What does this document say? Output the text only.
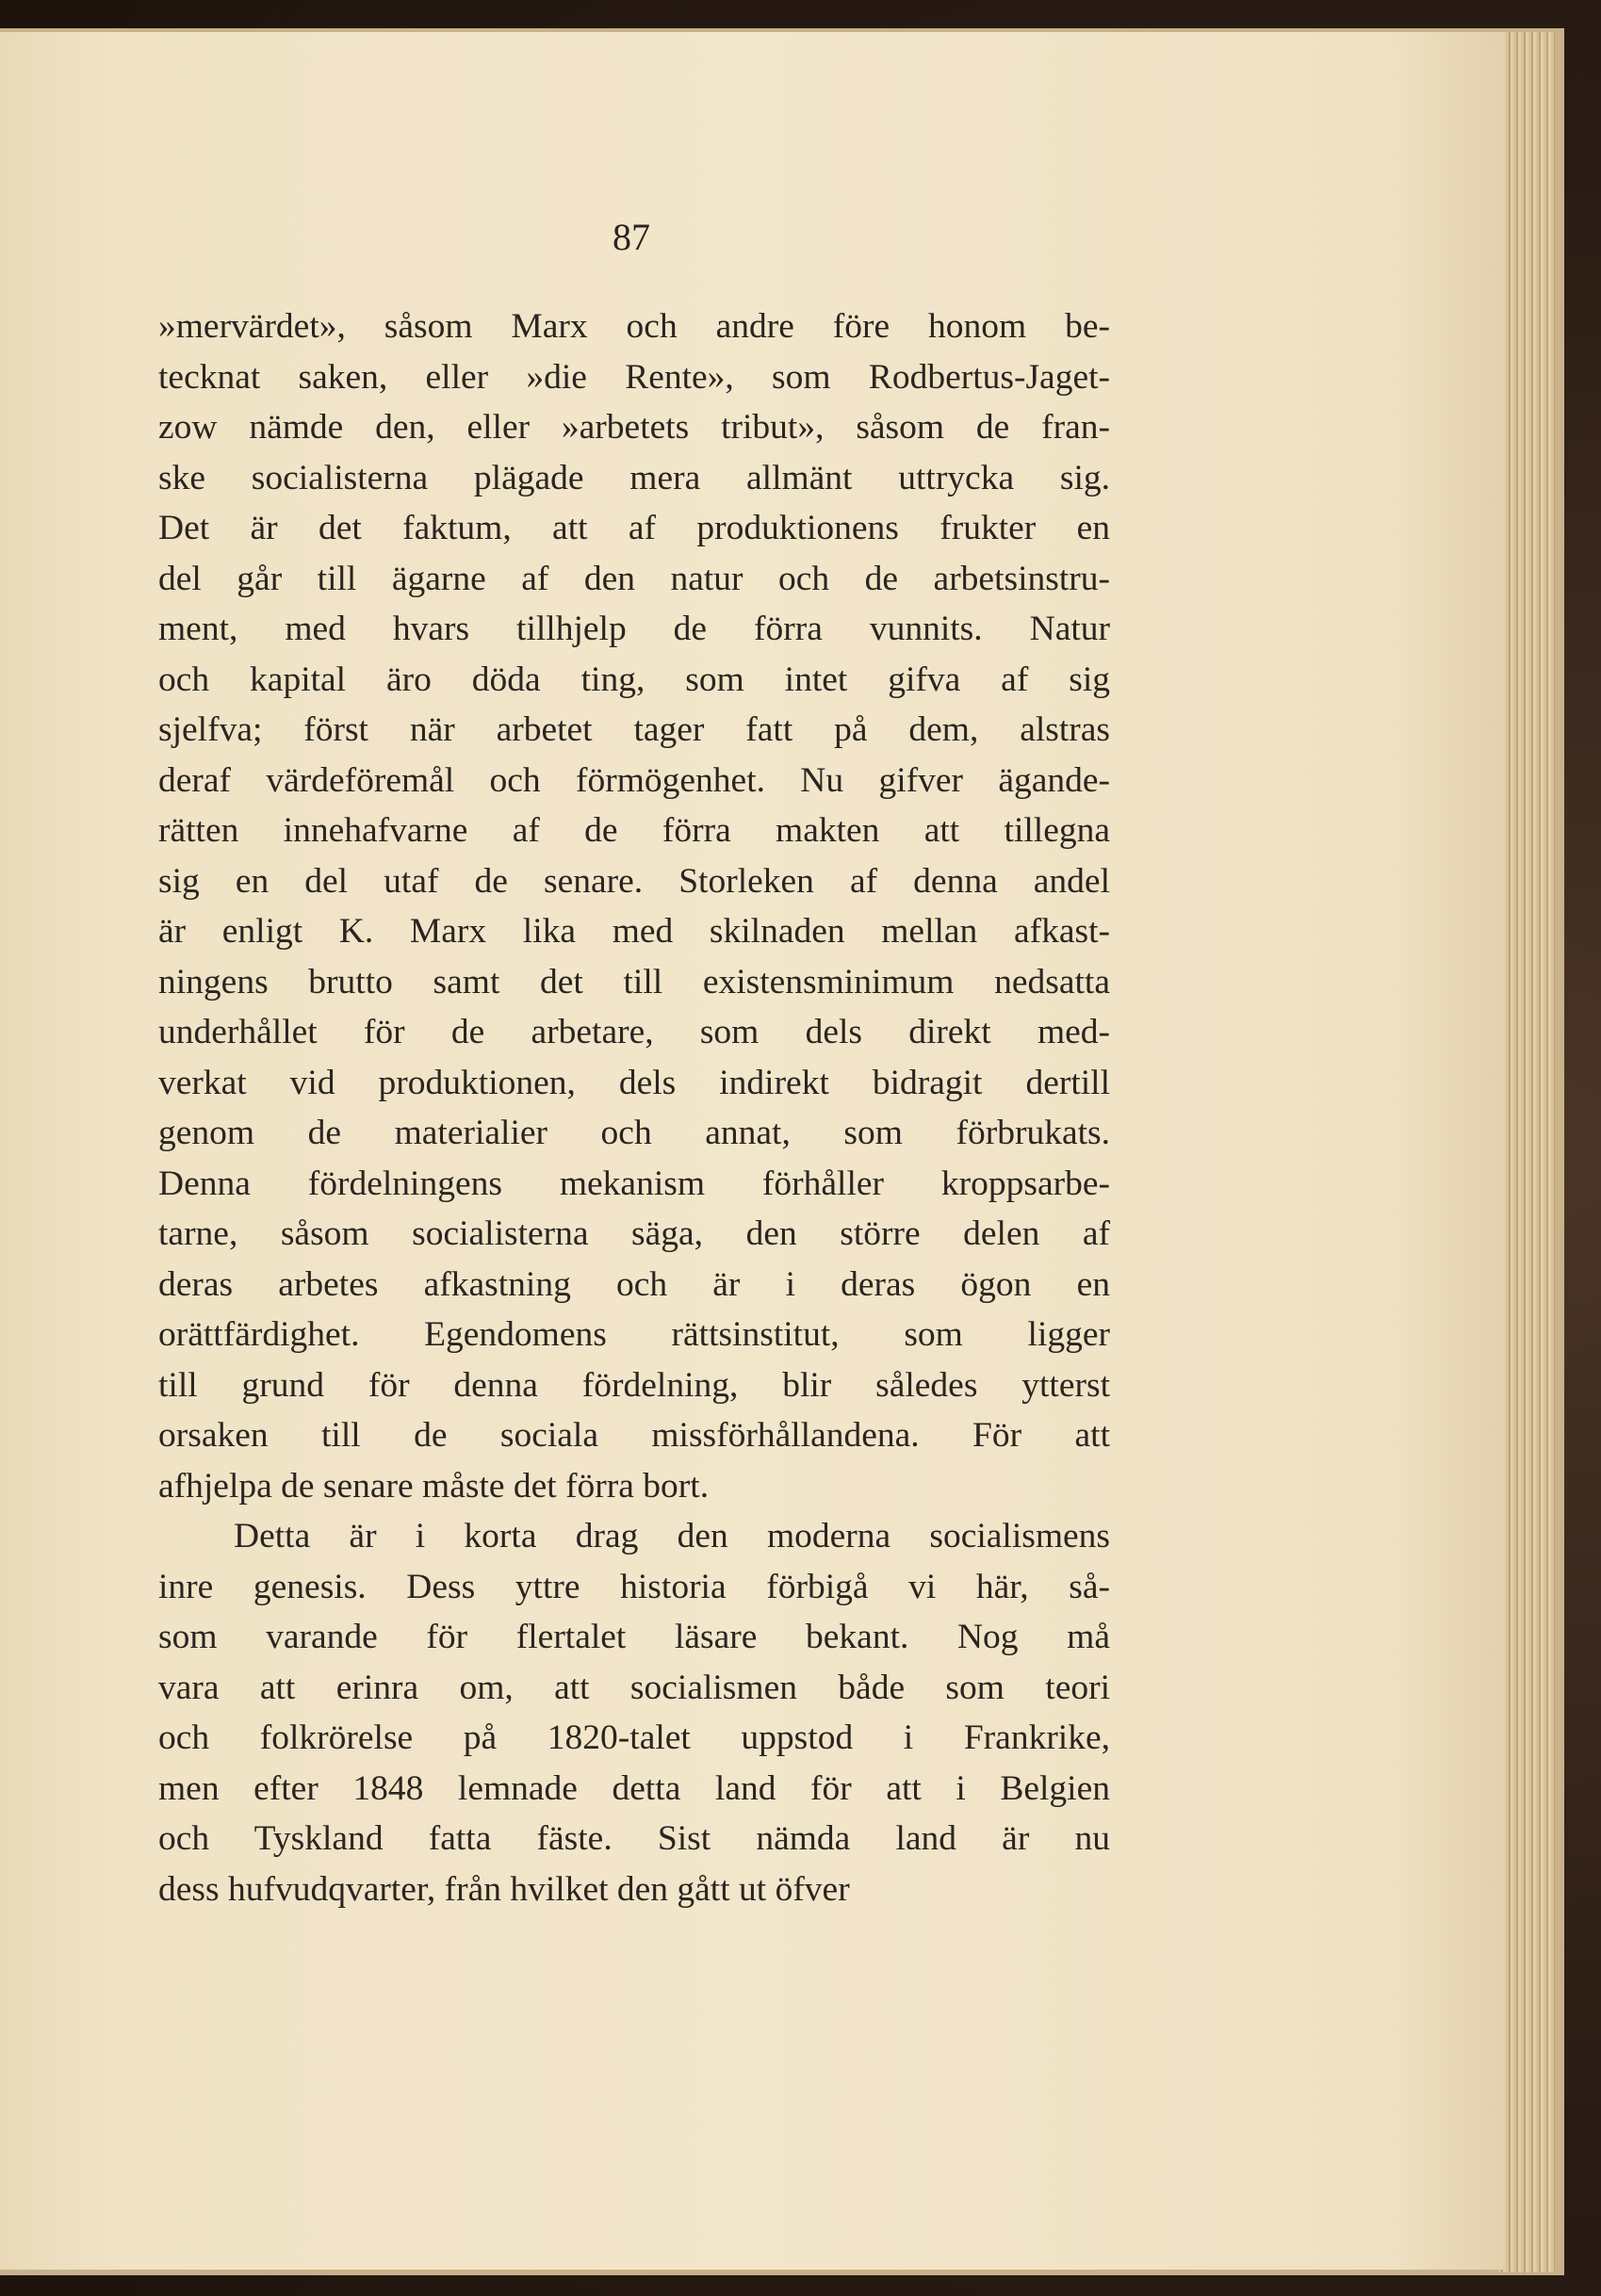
87
»mervärdet», såsom Marx och andre före honom be-
tecknat saken, eller »die Rente», som Rodbertus-Jaget-
zow nämde den, eller »arbetets tribut», såsom de fran-
ske socialisterna plägade mera allmänt uttrycka sig.
Det är det faktum, att af produktionens frukter en
del går till ägarne af den natur och de arbetsinstru-
ment, med hvars tillhjelp de förra vunnits. Natur
och kapital äro döda ting, som intet gifva af sig
sjelfva; först när arbetet tager fatt på dem, alstras
deraf värdeföremål och förmögenhet. Nu gifver ägande-
rätten innehafvarne af de förra makten att tillegna
sig en del utaf de senare. Storleken af denna andel
är enligt K. Marx lika med skilnaden mellan afkast-
ningens brutto samt det till existensminimum nedsatta
underhållet för de arbetare, som dels direkt med-
verkat vid produktionen, dels indirekt bidragit dertill
genom de materialier och annat, som förbrukats.
Denna fördelningens mekanism förhåller kroppsarbe-
tarne, såsom socialisterna säga, den större delen af
deras arbetes afkastning och är i deras ögon en
orättfärdighet. Egendomens rättsinstitut, som ligger
till grund för denna fördelning, blir således ytterst
orsaken till de sociala missförhållandena. För att
afhjelpa de senare måste det förra bort.
Detta är i korta drag den moderna socialismens
inre genesis. Dess yttre historia förbigå vi här, så-
som varande för flertalet läsare bekant. Nog må
vara att erinra om, att socialismen både som teori
och folkrörelse på 1820-talet uppstod i Frankrike,
men efter 1848 lemnade detta land för att i Belgien
och Tyskland fatta fäste. Sist nämda land är nu
dess hufvudqvarter, från hvilket den gått ut öfver
